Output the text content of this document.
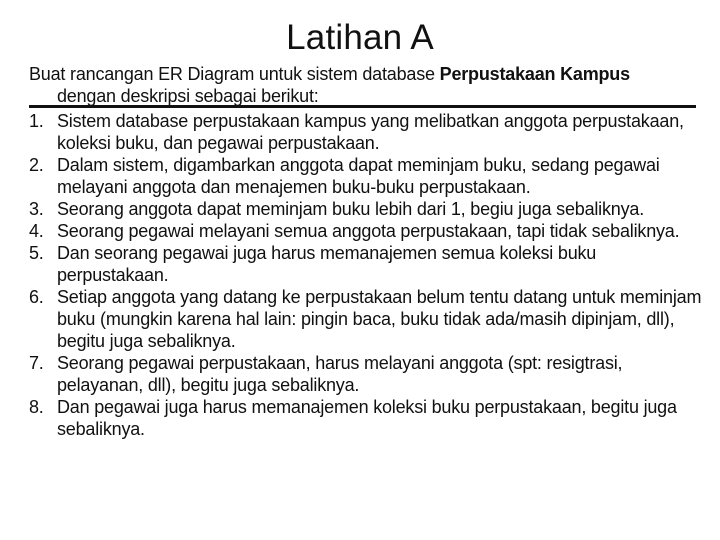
Latihan A
Buat rancangan ER Diagram untuk sistem database Perpustakaan Kampus
dengan deskripsi sebagai berikut:
1. Sistem database perpustakaan kampus yang melibatkan anggota perpustakaan, koleksi buku, dan pegawai perpustakaan.
2. Dalam sistem, digambarkan anggota dapat meminjam buku, sedang pegawai melayani anggota dan menajemen buku-buku perpustakaan.
3. Seorang anggota dapat meminjam buku lebih dari 1, begiu juga sebaliknya.
4. Seorang pegawai melayani semua anggota perpustakaan, tapi tidak sebaliknya.
5. Dan seorang pegawai juga harus memanajemen semua koleksi buku perpustakaan.
6. Setiap anggota yang datang ke perpustakaan belum tentu datang untuk meminjam buku (mungkin karena hal lain: pingin baca, buku tidak ada/masih dipinjam, dll), begitu juga sebaliknya.
7. Seorang pegawai perpustakaan, harus melayani anggota (spt: resigtrasi, pelayanan, dll), begitu juga sebaliknya.
8. Dan pegawai juga harus memanajemen koleksi buku perpustakaan, begitu juga sebaliknya.
